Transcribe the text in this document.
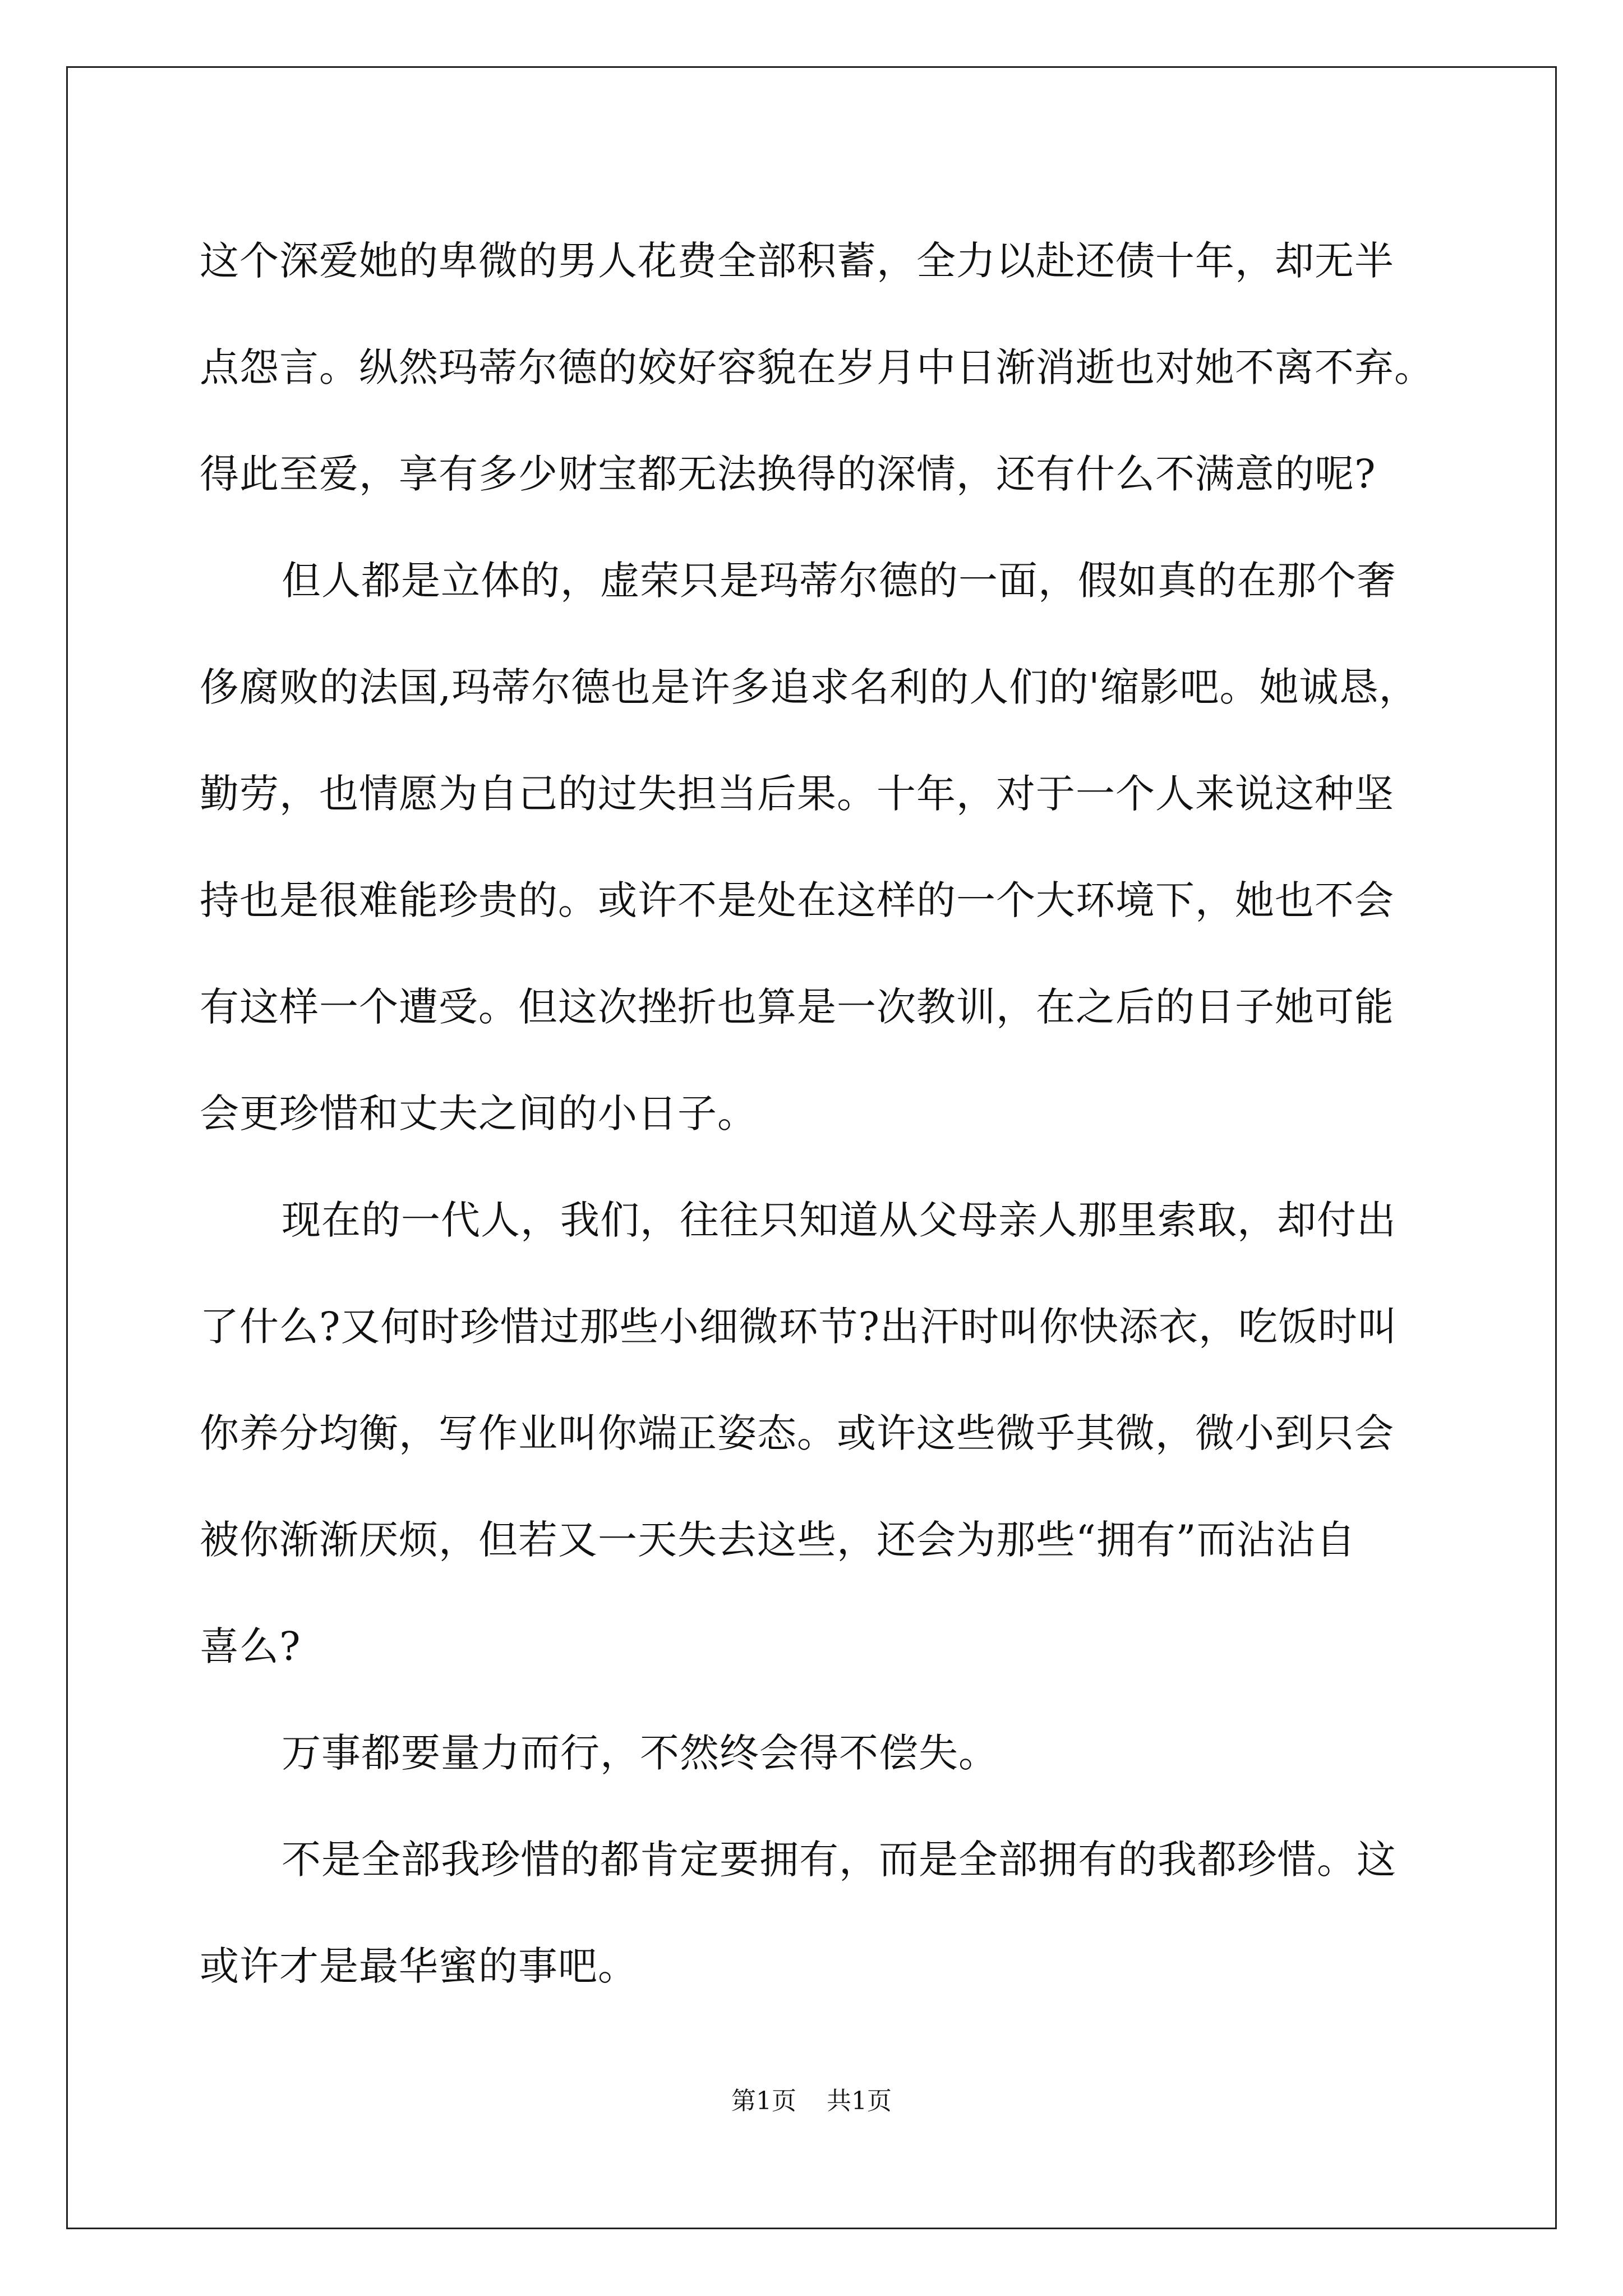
这个深爱她的卑微的男人花费全部积蓄，全力以赴还债十年，却无半
点怨言。纵然玛蒂尔德的姣好容貌在岁月中日渐消逝也对她不离不弃。
得此至爱，享有多少财宝都无法换得的深情，还有什么不满意的呢?
但人都是立体的，虚荣只是玛蒂尔德的一面，假如真的在那个奢
侈腐败的法国,玛蒂尔德也是许多追求名利的人们的'缩影吧。她诚恳，
勤劳，也情愿为自己的过失担当后果。十年，对于一个人来说这种坚
持也是很难能珍贵的。或许不是处在这样的一个大环境下，她也不会
有这样一个遭受。但这次挫折也算是一次教训，在之后的日子她可能
会更珍惜和丈夫之间的小日子。
现在的一代人，我们，往往只知道从父母亲人那里索取，却付出
了什么?又何时珍惜过那些小细微环节?出汗时叫你快添衣，吃饭时叫
你养分均衡，写作业叫你端正姿态。或许这些微乎其微，微小到只会
被你渐渐厌烦，但若又一天失去这些，还会为那些“拥有”而沾沾自
喜么?
万事都要量力而行，不然终会得不偿失。
不是全部我珍惜的都肯定要拥有，而是全部拥有的我都珍惜。这
或许才是最华蜜的事吧。
第1页 共1页
